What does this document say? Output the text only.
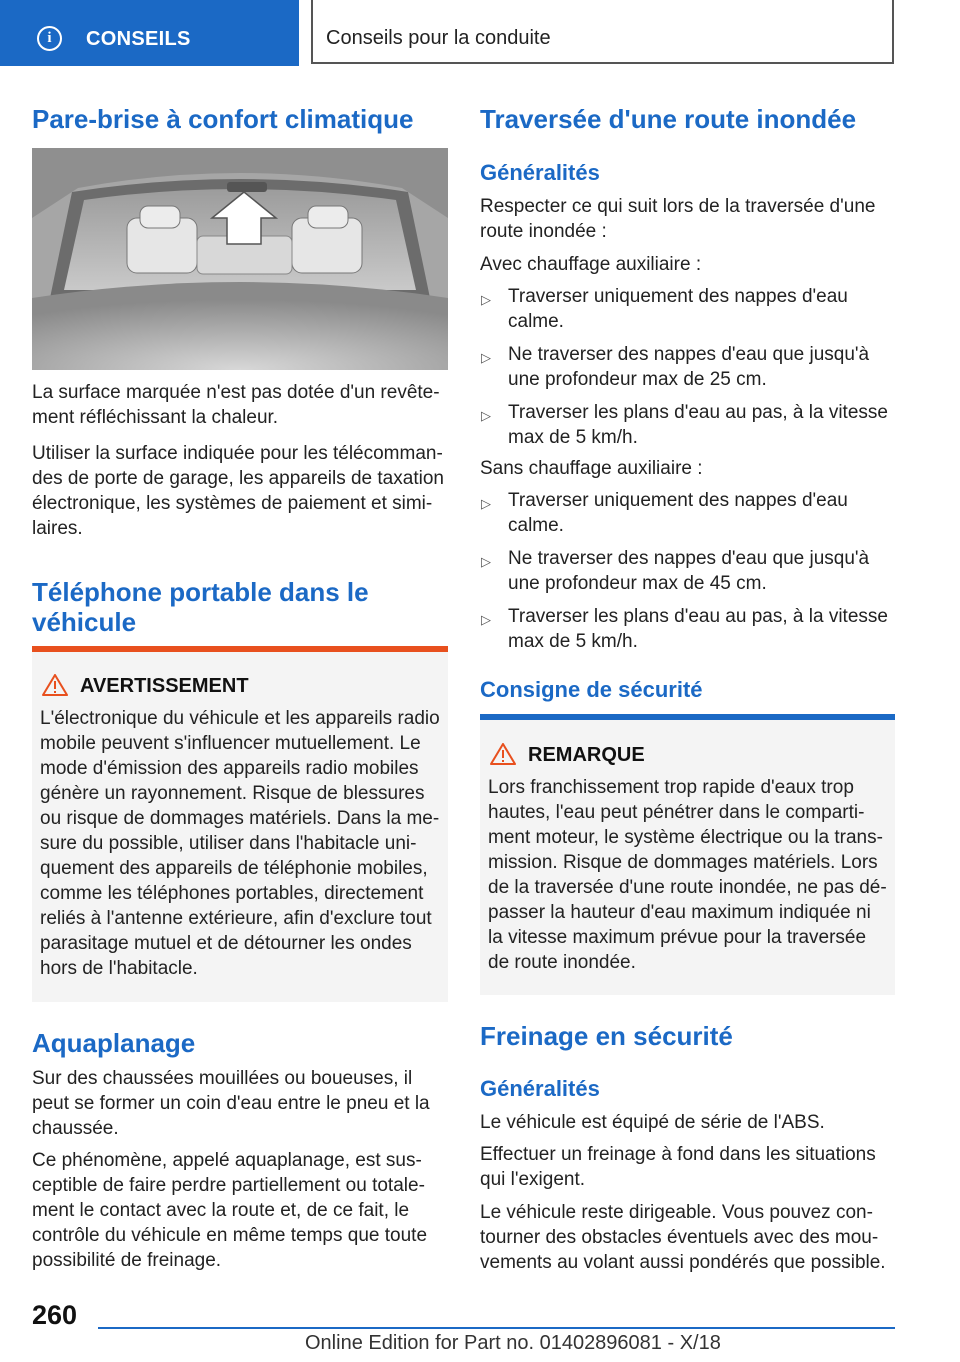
i	CONSEILS	Conseils pour la conduite
Pare-brise à confort climatique

La surface marquée n'est pas dotée d'un revête-ment réfléchissant la chaleur.

Utiliser la surface indiquée pour les télécomman-des de porte de garage, les appareils de taxation électronique, les systèmes de paiement et simi-laires.

Téléphone portable dans le
véhicule
AVERTISSEMENT
L'électronique du véhicule et les appareils radio mobile peuvent s'influencer mutuellement. Le mode d'émission des appareils radio mobiles génère un rayonnement. Risque de blessures ou risque de dommages matériels. Dans la me-sure du possible, utiliser dans l'habitacle uni-quement des appareils de téléphonie mobiles, comme les téléphones portables, directement reliés à l'antenne extérieure, afin d'exclure tout parasitage mutuel et de détourner les ondes hors de l'habitacle.
Aquaplanage

Sur des chaussées mouillées ou boueuses, il peut se former un coin d'eau entre le pneu et la chaussée.

Ce phénomène, appelé aquaplanage, est sus-ceptible de faire perdre partiellement ou totale-ment le contact avec la route et, de ce fait, le contrôle du véhicule en même temps que toute possibilité de freinage.

Traversée d'une route inondée
Généralités

Respecter ce qui suit lors de la traversée d'une route inondée :

Avec chauffage auxiliaire :

▷ Traverser uniquement des nappes d'eau calme.
▷ Ne traverser des nappes d'eau que jusqu'à une profondeur max de 25 cm.
▷ Traverser les plans d'eau au pas, à la vitesse max de 5 km/h.

Sans chauffage auxiliaire :

▷ Traverser uniquement des nappes d'eau calme.
▷ Ne traverser des nappes d'eau que jusqu'à une profondeur max de 45 cm.
▷ Traverser les plans d'eau au pas, à la vitesse max de 5 km/h.
Consigne de sécurité
REMARQUE
Lors franchissement trop rapide d'eaux trop hautes, l'eau peut pénétrer dans le comparti-ment moteur, le système électrique ou la trans-mission. Risque de dommages matériels. Lors de la traversée d'une route inondée, ne pas dé-passer la hauteur d'eau maximum indiquée ni la vitesse maximum prévue pour la traversée de route inondée.
Freinage en sécurité
Généralités

Le véhicule est équipé de série de l'ABS.

Effectuer un freinage à fond dans les situations qui l'exigent.

Le véhicule reste dirigeable. Vous pouvez con-tourner des obstacles éventuels avec des mou-vements au volant aussi pondérés que possible.

260
Online Edition for Part no. 01402896081 - X/18
